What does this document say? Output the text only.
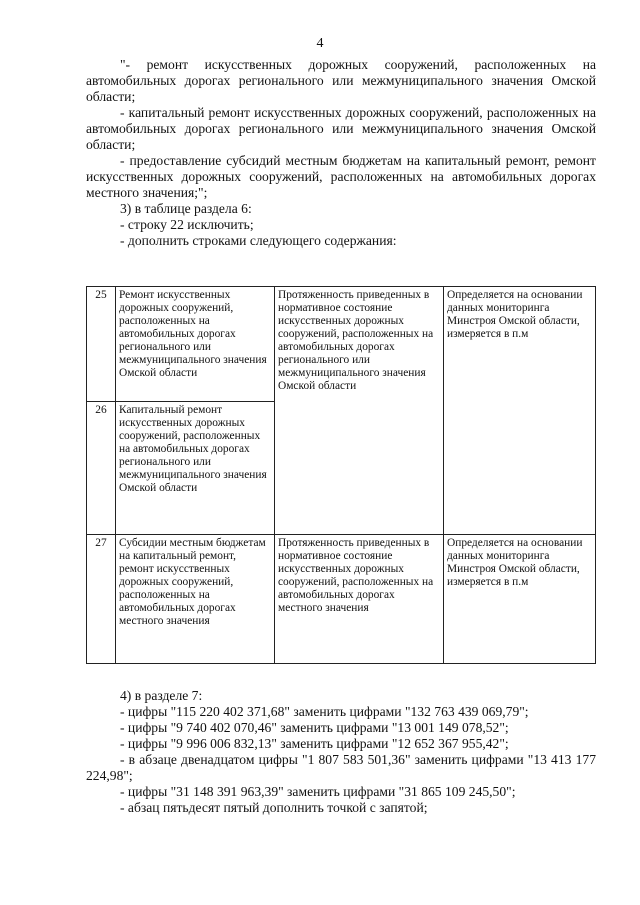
4

"- ремонт искусственных дорожных сооружений, расположенных на автомобильных дорогах регионального или межмуниципального значения Омской области;

- капитальный ремонт искусственных дорожных сооружений, расположенных на автомобильных дорогах регионального или межмуниципального значения Омской области;

- предоставление субсидий местным бюджетам на капитальный ремонт, ремонт искусственных дорожных сооружений, расположенных на автомобильных дорогах местного значения;";

3) в таблице раздела 6:

- строку 22 исключить;

- дополнить строками следующего содержания:

25	Ремонт искусственных дорожных сооружений, расположенных на автомобильных дорогах регионального или межмуниципального значения Омской области	Протяженность приведенных в нормативное состояние искусственных дорожных сооружений, расположенных на автомобильных дорогах регионального или межмуниципального значения Омской области	Определяется на основании данных мониторинга Минстроя Омской области, измеряется в п.м
26	Капитальный ремонт искусственных дорожных сооружений, расположенных на автомобильных дорогах регионального или межмуниципального значения Омской области		
27	Субсидии местным бюджетам на капитальный ремонт, ремонт искусственных дорожных сооружений, расположенных на автомобильных дорогах местного значения	Протяженность приведенных в нормативное состояние искусственных дорожных сооружений, расположенных на автомобильных дорогах местного значения	Определяется на основании данных мониторинга Минстроя Омской области, измеряется в п.м

4) в разделе 7:

- цифры "115 220 402 371,68" заменить цифрами "132 763 439 069,79";

- цифры "9 740 402 070,46" заменить цифрами "13 001 149 078,52";

- цифры "9 996 006 832,13" заменить цифрами "12 652 367 955,42";

- в абзаце двенадцатом цифры "1 807 583 501,36" заменить цифрами "13 413 177 224,98";

- цифры "31 148 391 963,39" заменить цифрами "31 865 109 245,50";

- абзац пятьдесят пятый дополнить точкой с запятой;
